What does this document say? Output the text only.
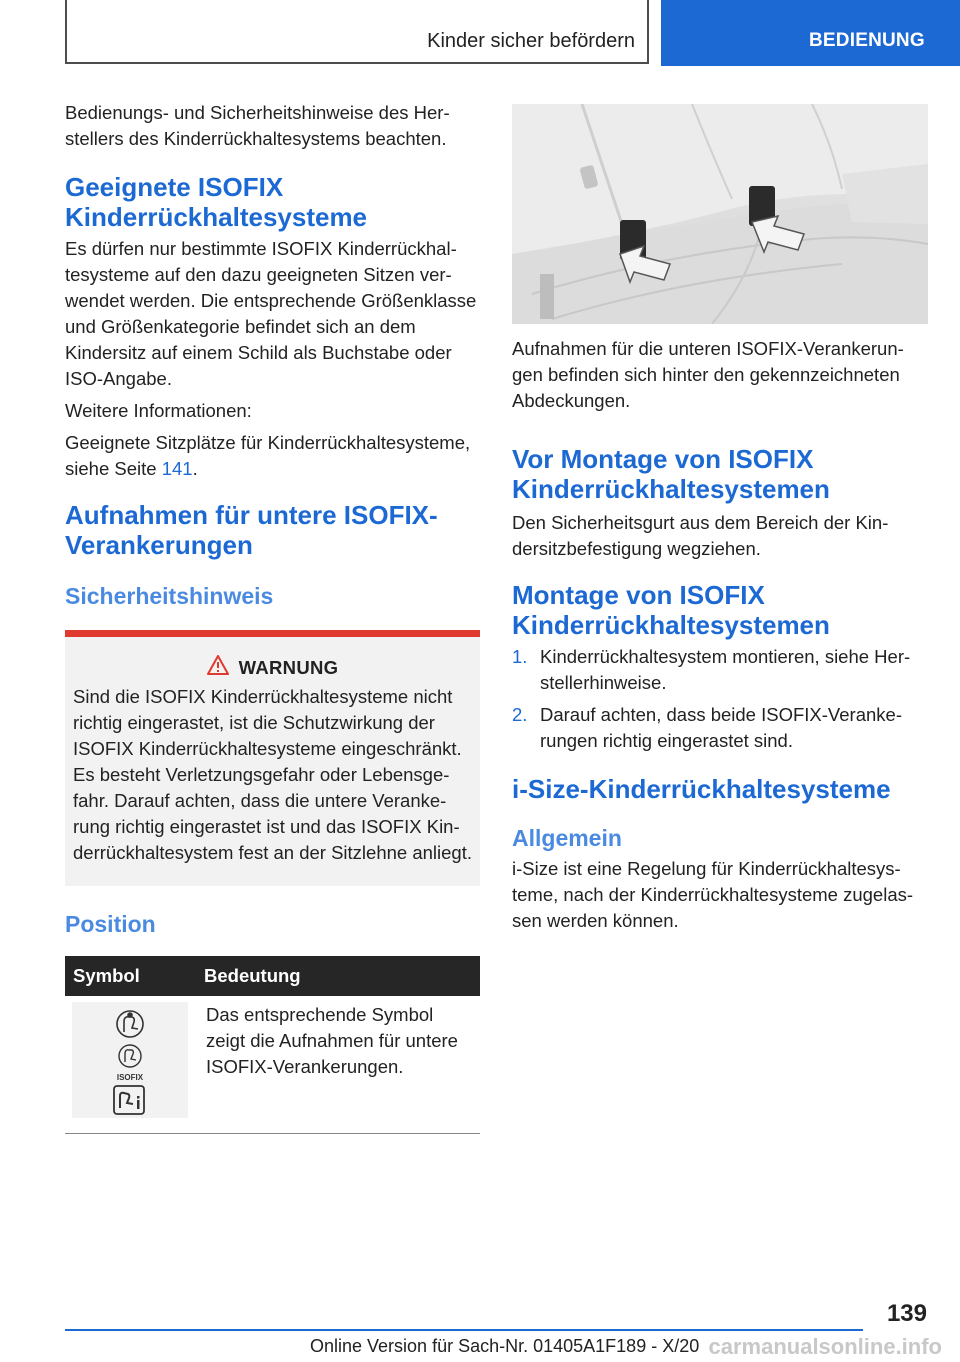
Kinder sicher befördern	BEDIENUNG

Bedienungs- und Sicherheitshinweise des Herstellers des Kinderrückhaltesystems beachten.

Geeignete ISOFIX Kinderrückhaltesysteme

Es dürfen nur bestimmte ISOFIX Kinderrückhaltesysteme auf den dazu geeigneten Sitzen verwendet werden. Die entsprechende Größenklasse und Größenkategorie befindet sich an dem Kindersitz auf einem Schild als Buchstabe oder ISO-Angabe.

Weitere Informationen:

Geeignete Sitzplätze für Kinderrückhaltesysteme, siehe Seite 141.

Aufnahmen für untere ISOFIX-Verankerungen
Sicherheitshinweis
WARNUNG

Sind die ISOFIX Kinderrückhaltesysteme nicht richtig eingerastet, ist die Schutzwirkung der ISOFIX Kinderrückhaltesysteme eingeschränkt. Es besteht Verletzungsgefahr oder Lebensgefahr. Darauf achten, dass die untere Verankerung richtig eingerastet ist und das ISOFIX Kinderrückhaltesystem fest an der Sitzlehne anliegt.

Position
Symbol	Bedeutung

ISOFIX	Das entsprechende Symbol zeigt die Aufnahmen für untere ISOFIX-Verankerungen.

Aufnahmen für die unteren ISOFIX-Verankerungen befinden sich hinter den gekennzeichneten Abdeckungen.

Vor Montage von ISOFIX Kinderrückhaltesystemen

Den Sicherheitsgurt aus dem Bereich der Kindersitzbefestigung wegziehen.

Montage von ISOFIX Kinderrückhaltesystemen
1. Kinderrückhaltesystem montieren, siehe Herstellerhinweise.
2. Darauf achten, dass beide ISOFIX-Verankerungen richtig eingerastet sind.
i-Size-Kinderrückhaltesysteme
Allgemein

i-Size ist eine Regelung für Kinderrückhaltesysteme, nach der Kinderrückhaltesysteme zugelassen werden können.

139
Online Version für Sach-Nr. 01405A1F189 - X/20 carmanualsonline.info
